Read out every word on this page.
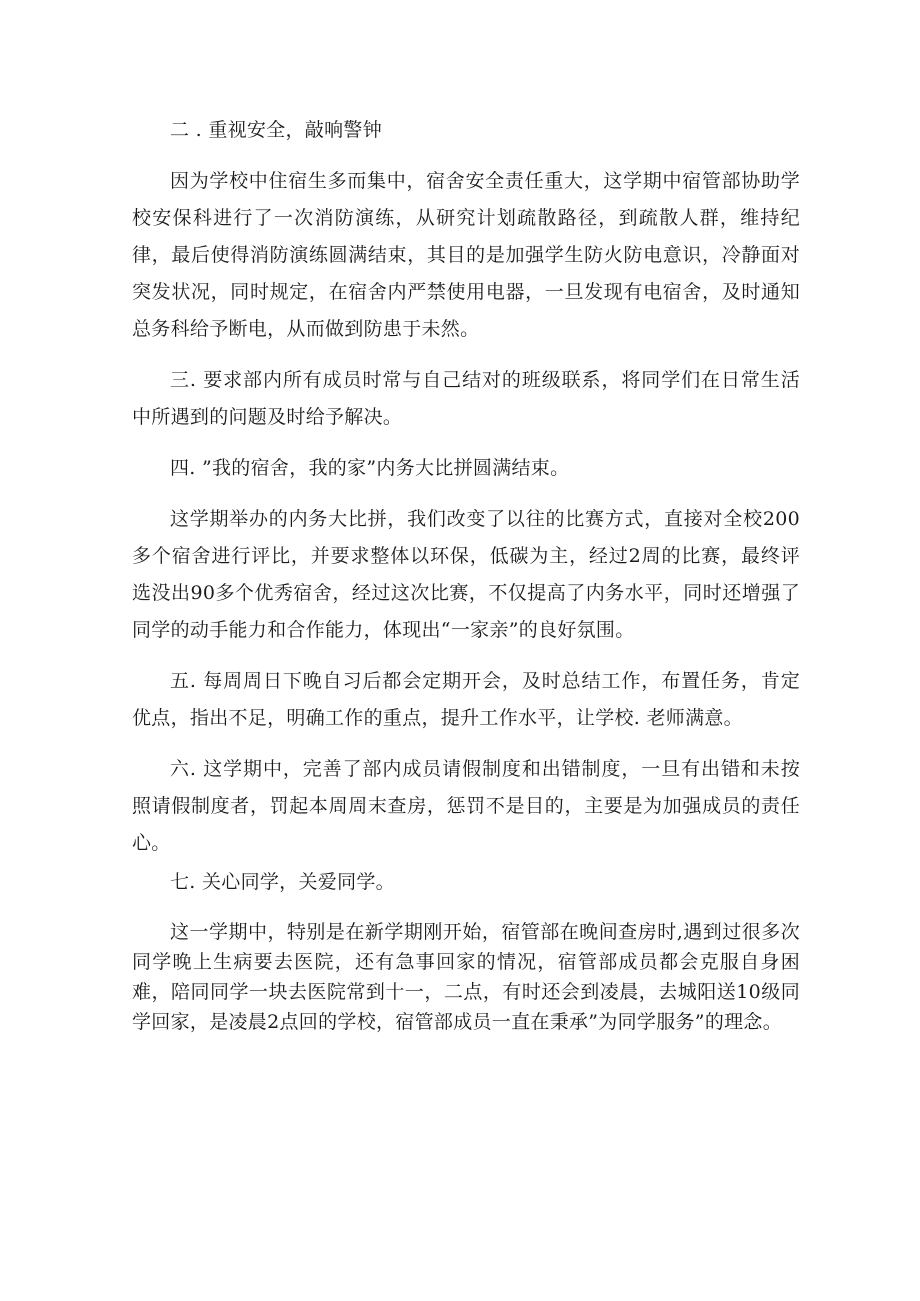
二 . 重视安全，敲响警钟

因为学校中住宿生多而集中，宿舍安全责任重大，这学期中宿管部协助学校安保科进行了一次消防演练，从研究计划疏散路径，到疏散人群，维持纪律，最后使得消防演练圆满结束，其目的是加强学生防火防电意识，冷静面对突发状况，同时规定，在宿舍内严禁使用电器，一旦发现有电宿舍，及时通知总务科给予断电，从而做到防患于未然。

三. 要求部内所有成员时常与自己结对的班级联系，将同学们在日常生活中所遇到的问题及时给予解决。

四. ”我的宿舍，我的家”内务大比拼圆满结束。

这学期举办的内务大比拼，我们改变了以往的比赛方式，直接对全校200多个宿舍进行评比，并要求整体以环保，低碳为主，经过2周的比赛，最终评选没出90多个优秀宿舍，经过这次比赛，不仅提高了内务水平，同时还增强了同学的动手能力和合作能力，体现出“一家亲”的良好氛围。

五. 每周周日下晚自习后都会定期开会，及时总结工作，布置任务，肯定优点，指出不足，明确工作的重点，提升工作水平，让学校. 老师满意。

六. 这学期中，完善了部内成员请假制度和出错制度，一旦有出错和未按照请假制度者，罚起本周周末查房，惩罚不是目的，主要是为加强成员的责任心。

七. 关心同学，关爱同学。

这一学期中，特别是在新学期刚开始，宿管部在晚间查房时,遇到过很多次同学晚上生病要去医院，还有急事回家的情况，宿管部成员都会克服自身困难，陪同同学一块去医院常到十一，二点，有时还会到凌晨，去城阳送10级同学回家，是凌晨2点回的学校，宿管部成员一直在秉承”为同学服务”的理念。
